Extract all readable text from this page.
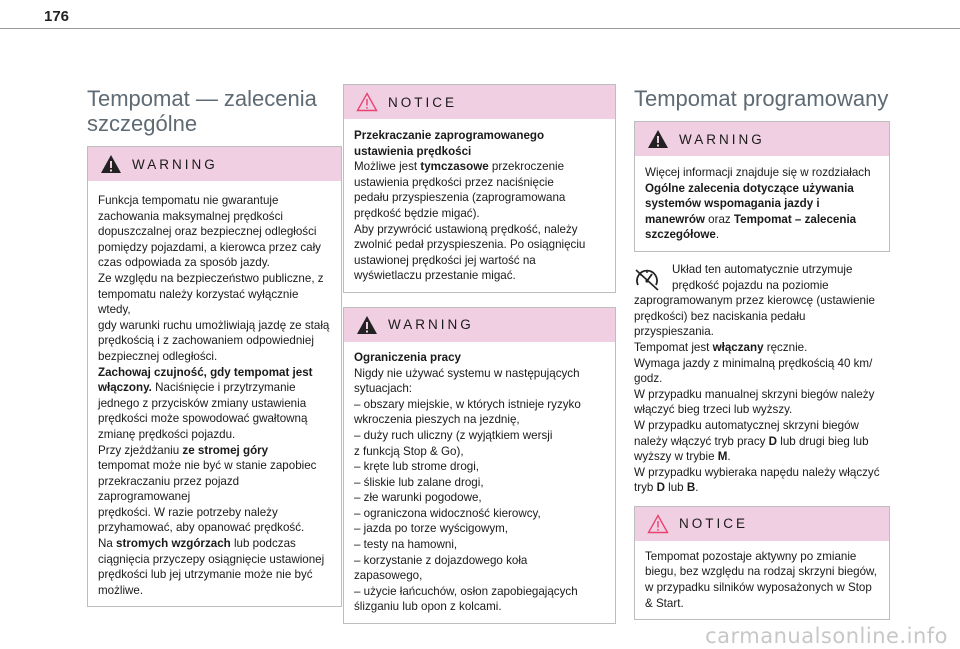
176
Tempomat — zalecenia
szczególne
WARNING

Funkcja tempomatu nie gwarantuje

zachowania maksymalnej prędkości

dopuszczalnej oraz bezpiecznej odległości

pomiędzy pojazdami, a kierowca przez cały

czas odpowiada za sposób jazdy.

Ze względu na bezpieczeństwo publiczne, z

tempomatu należy korzystać wyłącznie wtedy,

gdy warunki ruchu umożliwiają jazdę ze stałą

prędkością i z zachowaniem odpowiedniej

bezpiecznej odległości.

Zachowaj czujność, gdy tempomat jest

włączony. Naciśnięcie i przytrzymanie

jednego z przycisków zmiany ustawienia

prędkości może spowodować gwałtowną

zmianę prędkości pojazdu.

Przy zjeżdżaniu ze stromej góry

tempomat może nie być w stanie zapobiec

przekraczaniu przez pojazd zaprogramowanej

prędkości. W razie potrzeby należy

przyhamować, aby opanować prędkość.

Na stromych wzgórzach lub podczas

ciągnięcia przyczepy osiągnięcie ustawionej

prędkości lub jej utrzymanie może nie być

możliwe.

NOTICE

Przekraczanie zaprogramowanego

ustawienia prędkości

Możliwe jest tymczasowe przekroczenie

ustawienia prędkości przez naciśnięcie

pedału przyspieszenia (zaprogramowana

prędkość będzie migać).

Aby przywrócić ustawioną prędkość, należy

zwolnić pedał przyspieszenia. Po osiągnięciu

ustawionej prędkości jej wartość na

wyświetlaczu przestanie migać.

WARNING

Ograniczenia pracy

Nigdy nie używać systemu w następujących

sytuacjach:

– obszary miejskie, w których istnieje ryzyko

wkroczenia pieszych na jezdnię,

– duży ruch uliczny (z wyjątkiem wersji

z funkcją Stop & Go),

– kręte lub strome drogi,

– śliskie lub zalane drogi,

– złe warunki pogodowe,

– ograniczona widoczność kierowcy,

– jazda po torze wyścigowym,

– testy na hamowni,

– korzystanie z dojazdowego koła

zapasowego,

– użycie łańcuchów, osłon zapobiegających

ślizganiu lub opon z kolcami.

Tempomat programowany
WARNING

Więcej informacji znajduje się w rozdziałach

Ogólne zalecenia dotyczące używania

systemów wspomagania jazdy i

manewrów oraz Tempomat – zalecenia

szczegółowe.

Układ ten automatycznie utrzymuje

prędkość pojazdu na poziomie

zaprogramowanym przez kierowcę (ustawienie

prędkości) bez naciskania pedału

przyspieszania.

Tempomat jest włączany ręcznie.

Wymaga jazdy z minimalną prędkością 40 km/

godz.

W przypadku manualnej skrzyni biegów należy

włączyć bieg trzeci lub wyższy.

W przypadku automatycznej skrzyni biegów

należy włączyć tryb pracy D lub drugi bieg lub

wyższy w trybie M.

W przypadku wybieraka napędu należy włączyć

tryb D lub B.

NOTICE

Tempomat pozostaje aktywny po zmianie

biegu, bez względu na rodzaj skrzyni biegów,

w przypadku silników wyposażonych w Stop

& Start.

carmanualsonline.info
